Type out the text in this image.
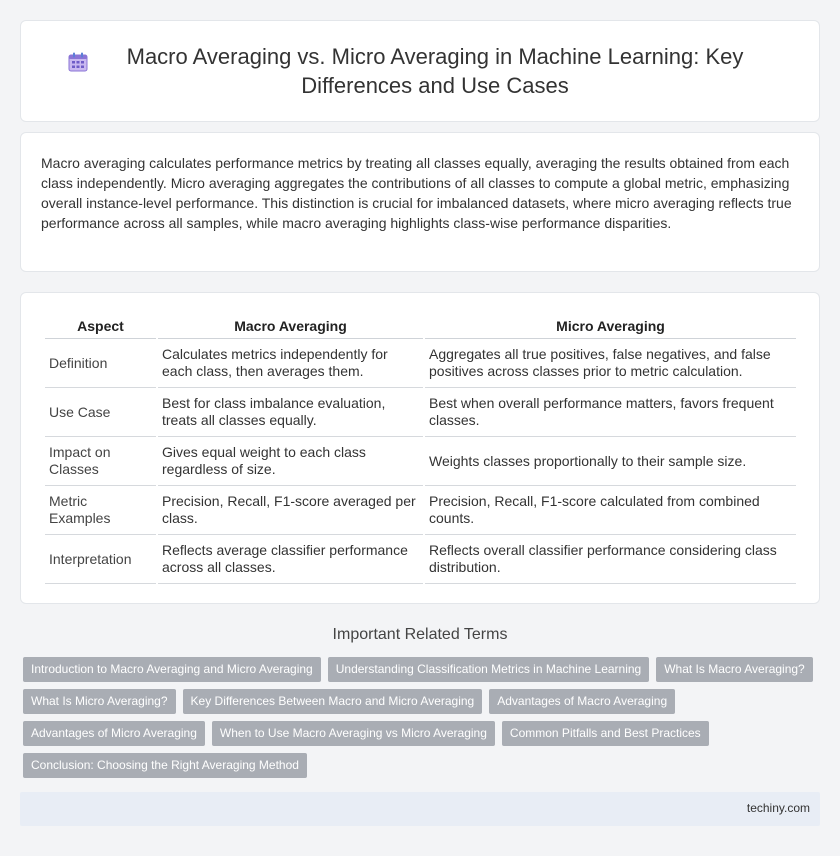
Macro Averaging vs. Micro Averaging in Machine Learning: Key Differences and Use Cases

Macro averaging calculates performance metrics by treating all classes equally, averaging the results obtained from each class independently. Micro averaging aggregates the contributions of all classes to compute a global metric, emphasizing overall instance-level performance. This distinction is crucial for imbalanced datasets, where micro averaging reflects true performance across all samples, while macro averaging highlights class-wise performance disparities.

Aspect	Macro Averaging	Micro Averaging
Definition	Calculates metrics independently for each class, then averages them.	Aggregates all true positives, false negatives, and false positives across classes prior to metric calculation.
Use Case	Best for class imbalance evaluation, treats all classes equally.	Best when overall performance matters, favors frequent classes.
Impact on Classes	Gives equal weight to each class regardless of size.	Weights classes proportionally to their sample size.
Metric Examples	Precision, Recall, F1-score averaged per class.	Precision, Recall, F1-score calculated from combined counts.
Interpretation	Reflects average classifier performance across all classes.	Reflects overall classifier performance considering class distribution.
Important Related Terms
Introduction to Macro Averaging and Micro Averaging	Understanding Classification Metrics in Machine Learning	What Is Macro Averaging?
What Is Micro Averaging?	Key Differences Between Macro and Micro Averaging	Advantages of Macro Averaging
Advantages of Micro Averaging	When to Use Macro Averaging vs Micro Averaging	Common Pitfalls and Best Practices
Conclusion: Choosing the Right Averaging Method
techiny.com
